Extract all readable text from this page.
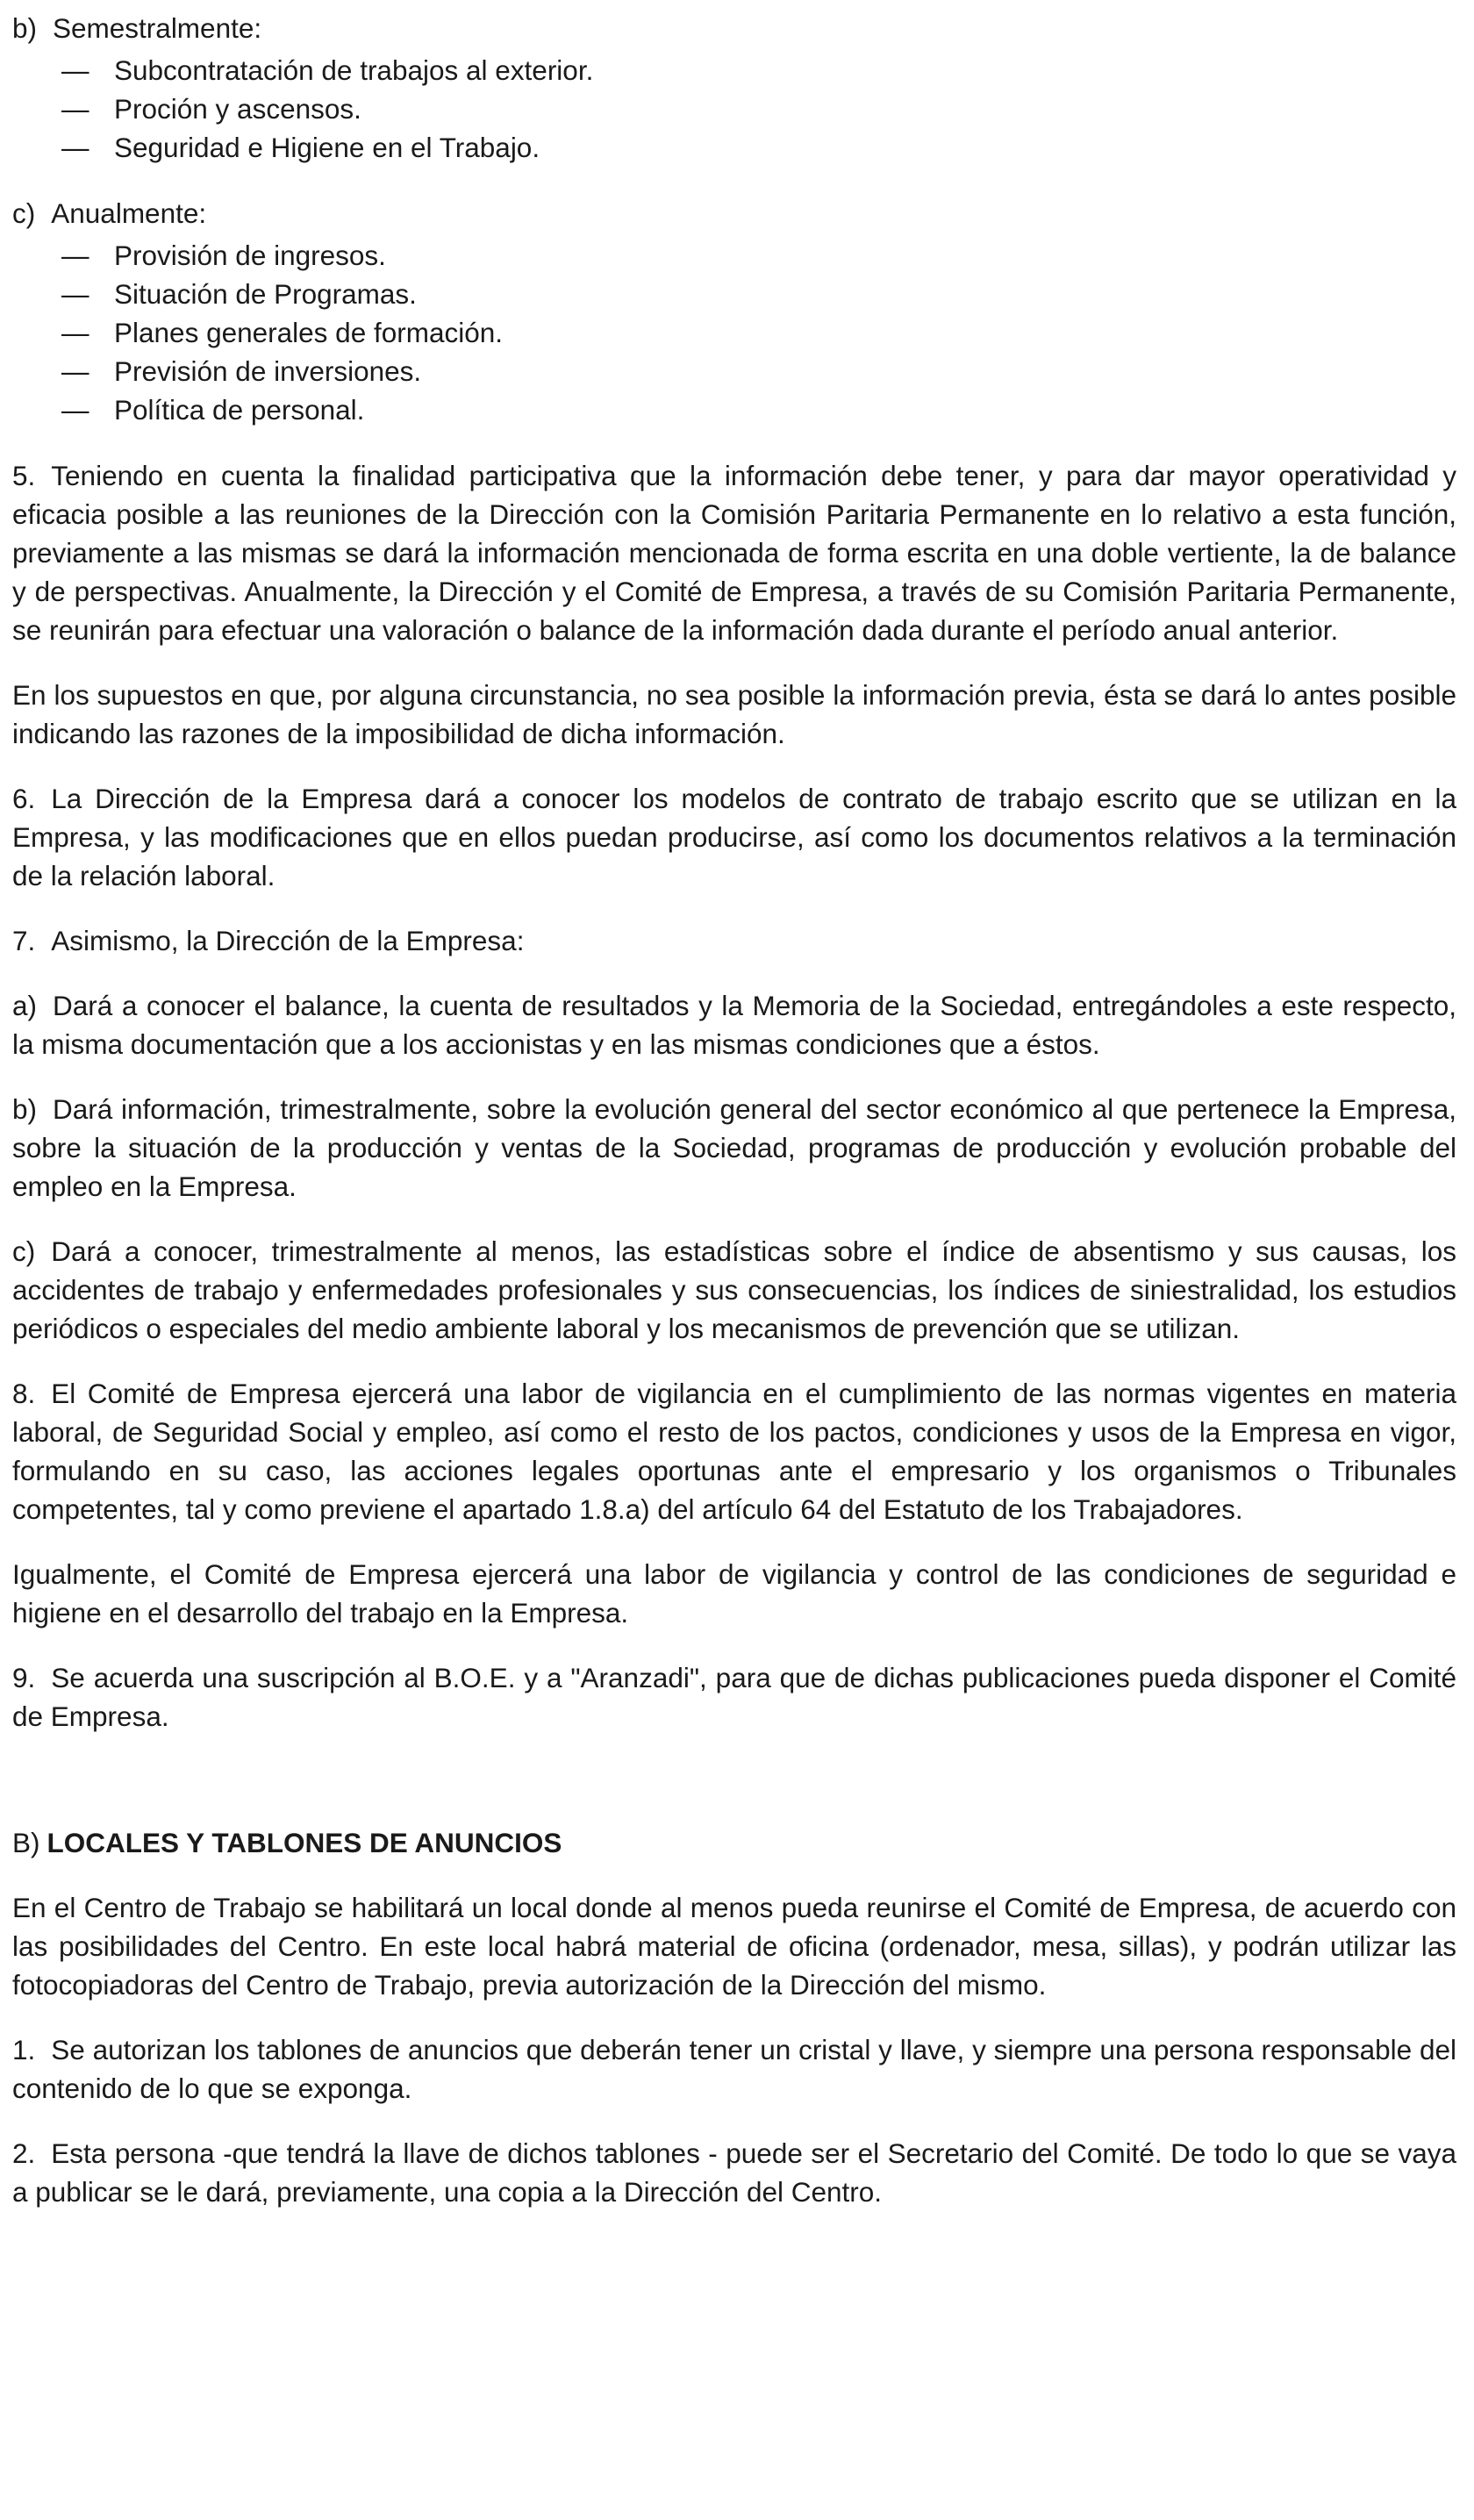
b) Semestralmente:

— Subcontratación de trabajos al exterior.
— Proción y ascensos.
— Seguridad e Higiene en el Trabajo.

c) Anualmente:

— Provisión de ingresos.
— Situación de Programas.
— Planes generales de formación.
— Previsión de inversiones.
— Política de personal.

5. Teniendo en cuenta la finalidad participativa que la información debe tener, y para dar mayor operatividad y eficacia posible a las reuniones de la Dirección con la Comisión Paritaria Permanente en lo relativo a esta función, previamente a las mismas se dará la información mencionada de forma escrita en una doble vertiente, la de balance y de perspectivas. Anualmente, la Dirección y el Comité de Empresa, a través de su Comisión Paritaria Permanente, se reunirán para efectuar una valoración o balance de la información dada durante el período anual anterior.

En los supuestos en que, por alguna circunstancia, no sea posible la información previa, ésta se dará lo antes posible indicando las razones de la imposibilidad de dicha información.

6. La Dirección de la Empresa dará a conocer los modelos de contrato de trabajo escrito que se utilizan en la Empresa, y las modificaciones que en ellos puedan producirse, así como los documentos relativos a la terminación de la relación laboral.

7. Asimismo, la Dirección de la Empresa:

a) Dará a conocer el balance, la cuenta de resultados y la Memoria de la Sociedad, entregándoles a este respecto, la misma documentación que a los accionistas y en las mismas condiciones que a éstos.

b) Dará información, trimestralmente, sobre la evolución general del sector económico al que pertenece la Empresa, sobre la situación de la producción y ventas de la Sociedad, programas de producción y evolución probable del empleo en la Empresa.

c) Dará a conocer, trimestralmente al menos, las estadísticas sobre el índice de absentismo y sus causas, los accidentes de trabajo y enfermedades profesionales y sus consecuencias, los índices de siniestralidad, los estudios periódicos o especiales del medio ambiente laboral y los mecanismos de prevención que se utilizan.

8. El Comité de Empresa ejercerá una labor de vigilancia en el cumplimiento de las normas vigentes en materia laboral, de Seguridad Social y empleo, así como el resto de los pactos, condiciones y usos de la Empresa en vigor, formulando en su caso, las acciones legales oportunas ante el empresario y los organismos o Tribunales competentes, tal y como previene el apartado 1.8.a) del artículo 64 del Estatuto de los Trabajadores.

Igualmente, el Comité de Empresa ejercerá una labor de vigilancia y control de las condiciones de seguridad e higiene en el desarrollo del trabajo en la Empresa.

9. Se acuerda una suscripción al B.O.E. y a "Aranzadi", para que de dichas publicaciones pueda disponer el Comité de Empresa.

B) LOCALES Y TABLONES DE ANUNCIOS

En el Centro de Trabajo se habilitará un local donde al menos pueda reunirse el Comité de Empresa, de acuerdo con las posibilidades del Centro. En este local habrá material de oficina (ordenador, mesa, sillas), y podrán utilizar las fotocopiadoras del Centro de Trabajo, previa autorización de la Dirección del mismo.

1. Se autorizan los tablones de anuncios que deberán tener un cristal y llave, y siempre una persona responsable del contenido de lo que se exponga.

2. Esta persona -que tendrá la llave de dichos tablones - puede ser el Secretario del Comité. De todo lo que se vaya a publicar se le dará, previamente, una copia a la Dirección del Centro.
